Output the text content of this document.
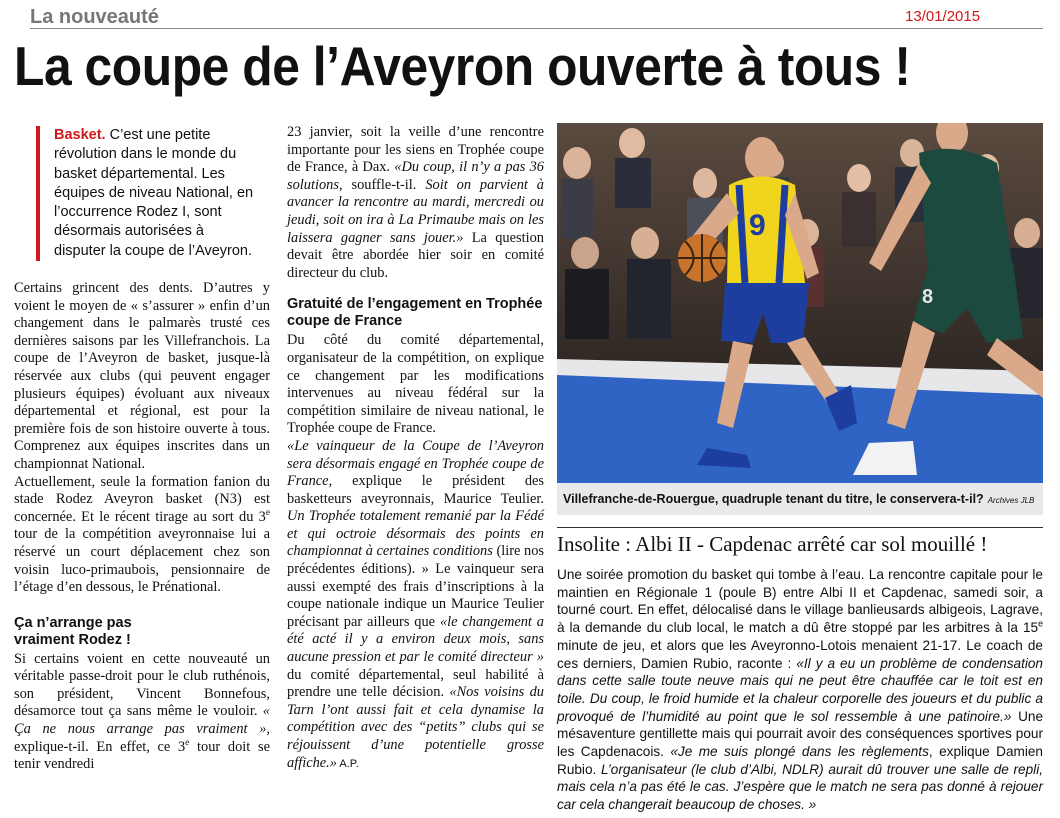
La nouveauté	13/01/2015
La coupe de l’Aveyron ouverte à tous !
Basket. C’est une petite révolution dans le monde du basket départemental. Les équipes de niveau National, en l’occurrence Rodez I, sont désormais autorisées à disputer la coupe de l’Aveyron.

Certains grincent des dents. D’autres y voient le moyen de « s’assurer » enfin d’un changement dans le palmarès trusté ces dernières saisons par les Villefranchois. La coupe de l’Aveyron de basket, jusque-là réservée aux clubs (qui peuvent engager plusieurs équipes) évoluant aux niveaux départemental et régional, est pour la première fois de son histoire ouverte à tous. Comprenez aux équipes inscrites dans un championnat National.

Actuellement, seule la formation fanion du stade Rodez Aveyron basket (N3) est concernée. Et le récent tirage au sort du 3e tour de la compétition aveyronnaise lui a réservé un court déplacement chez son voisin luco-primaubois, pensionnaire de l’étage d’en dessous, le Prénational.

Ça n’arrange pas vraiment Rodez !

Si certains voient en cette nouveauté un véritable passe-droit pour le club ruthénois, son président, Vincent Bonnefous, désamorce tout ça sans même le vouloir. « Ça ne nous arrange pas vraiment », explique-t-il. En effet, ce 3e tour doit se tenir vendredi

23 janvier, soit la veille d’une rencontre importante pour les siens en Trophée coupe de France, à Dax. «Du coup, il n’y a pas 36 solutions, souffle-t-il. Soit on parvient à avancer la rencontre au mardi, mercredi ou jeudi, soit on ira à La Primaube mais on les laissera gagner sans jouer.» La question devait être abordée hier soir en comité directeur du club.

Gratuité de l’engagement en Trophée coupe de France

Du côté du comité départemental, organisateur de la compétition, on explique ce changement par les modifications intervenues au niveau fédéral sur la compétition similaire de niveau national, le Trophée coupe de France.

«Le vainqueur de la Coupe de l’Aveyron sera désormais engagé en Trophée coupe de France, explique le président des basketteurs aveyronnais, Maurice Teulier. Un Trophée totalement remanié par la Fédé et qui octroie désormais des points en championnat à certaines conditions (lire nos précédentes éditions). » Le vainqueur sera aussi exempté des frais d’inscriptions à la coupe nationale indique un Maurice Teulier précisant par ailleurs que «le changement a été acté il y a environ deux mois, sans aucune pression et par le comité directeur » du comité départemental, seul habilité à prendre une telle décision. «Nos voisins du Tarn l’ont aussi fait et cela dynamise la compétition avec des “petits” clubs qui se réjouissent d’une potentielle grosse affiche.» A.P.

9
8
Villefranche-de-Rouergue, quadruple tenant du titre, le conservera-t-il? Archives JLB
Insolite : Albi II - Capdenac arrêté car sol mouillé !
Une soirée promotion du basket qui tombe à l’eau. La rencontre capitale pour le maintien en Régionale 1 (poule B) entre Albi II et Capdenac, samedi soir, a tourné court. En effet, délocalisé dans le village banlieusards albigeois, Lagrave, à la demande du club local, le match a dû être stoppé par les arbitres à la 15e minute de jeu, et alors que les Aveyronno-Lotois menaient 21-17. Le coach de ces derniers, Damien Rubio, raconte : «Il y a eu un problème de condensation dans cette salle toute neuve mais qui ne peut être chauffée car le toit est en toile. Du coup, le froid humide et la chaleur corporelle des joueurs et du public a provoqué de l’humidité au point que le sol ressemble à une patinoire.» Une mésaventure gentillette mais qui pourrait avoir des conséquences sportives pour les Capdenacois. «Je me suis plongé dans les règlements, explique Damien Rubio. L’organisateur (le club d’Albi, NDLR) aurait dû trouver une salle de repli, mais cela n’a pas été le cas. J’espère que le match ne sera pas donné à rejouer car cela changerait beaucoup de choses. »
